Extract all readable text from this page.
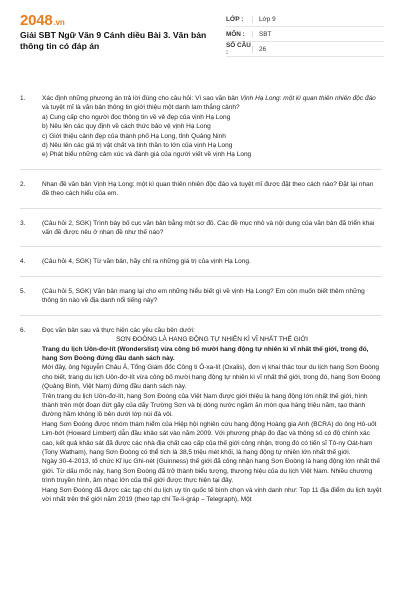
2048.vn
Giải SBT Ngữ Văn 9 Cánh diều Bài 3. Văn bản thông tin có đáp án
LỚP :	Lớp 9
MÔN :	SBT
SỐ CÂU :	26
1.	Xác định những phương án trả lời đúng cho câu hỏi: Vì sao văn bản Vịnh Hạ Long: một kì quan thiên nhiên độc đáo và tuyệt mĩ là văn bản thông tin giới thiệu một danh lam thắng cảnh?
a) Cung cấp cho người đọc thông tin về vẻ đẹp của vịnh Hạ Long
b) Nêu lên các quy định về cách thức bảo vệ vịnh Hạ Long
c) Giới thiệu cảnh đẹp của thành phố Hạ Long, tỉnh Quảng Ninh
d) Nêu lên các giá trị vật chất và tinh thần to lớn của vịnh Hạ Long
e) Phát biểu những cảm xúc và đánh giá của người viết về vịnh Hạ Long
2.	Nhan đề văn bản Vịnh Hạ Long: một kì quan thiên nhiên độc đáo và tuyệt mĩ được đặt theo cách nào? Đặt lại nhan đề theo cách hiểu của em.
3.	(Câu hỏi 2, SGK) Trình bày bố cục văn bản bằng một sơ đồ. Các đề mục nhỏ và nội dung của văn bản đã triển khai vấn đề được nêu ở nhan đề như thế nào?
4.	(Câu hỏi 4, SGK) Từ văn bản, hãy chỉ ra những giá trị của vịnh Hạ Long.
5.	(Câu hỏi 5, SGK) Văn bản mang lại cho em những hiểu biết gì về vịnh Hạ Long? Em còn muốn biết thêm những thông tin nào về địa danh nổi tiếng này?
6.	Đọc văn bản sau và thực hiện các yêu cầu bên dưới:
SƠN ĐOÒNG LÀ HANG ĐỘNG TỰ NHIÊN KÌ VĨ NHẤT THẾ GIỚI
Trang du lịch Uôn-đơ-lít (Wonderslist) vừa công bố mười hang động tự nhiên kì vĩ nhất thế giới, trong đó, hang Sơn Đoòng đứng đầu danh sách này.
Mới đây, ông Nguyễn Châu Á, Tổng Giám đốc Công ti Ô-xa-lít (Oxalis), đơn vị khai thác tour du lịch hang Sơn Đoòng cho biết, trang du lịch Uôn-đơ-lít vừa công bố mười hang động tự nhiên kì vĩ nhất thế giới, trong đó, hang Sơn Đoòng (Quảng Bình, Việt Nam) đứng đầu danh sách này.
Trên trang du lịch Uôn-đơ-lít, hang Sơn Đoòng của Việt Nam được giới thiệu là hang động lớn nhất thế giới, hình thành trên một đoạn đứt gãy của dãy Trường Sơn và bị dòng nước ngầm ăn mòn qua hàng triệu năm, tạo thành đường hầm không lồ bên dưới lớp núi đá vôi.
Hang Sơn Đoòng được nhóm thám hiểm của Hiệp hội nghiên cứu hang động Hoàng gia Anh (BCRA) do ông Hô-uốt Lim-bớt (Howard Limbert) dẫn đầu khảo sát vào năm 2009. Với phương pháp đo đạc và thông số có độ chính xác cao, kết quả khảo sát đã được các nhà địa chất cao cấp của thế giới công nhận, trong đó có tiến sĩ Tô-ny Oát-ham (Tony Watham), hang Sơn Đoòng có thể tích là 38,5 triệu mét khối, là hang động tự nhiên lớn nhất thế giới.
Ngày 30-4-2013, tổ chức Kỉ lục Ghi-nét (Guinness) thế giới đã công nhận hang Sơn Đoòng là hang động lớn nhất thế giới. Từ dấu mốc này, hang Sơn Đoòng đã trở thành biểu tượng, thương hiệu của du lịch Việt Nam. Nhiều chương trình truyền hình, âm nhạc lớn của thế giới được thực hiện tại đây.
Hang Sơn Đoòng đã được các tạp chí du lịch uy tín quốc tế bình chọn và vinh danh như: Top 11 địa điểm du lịch tuyệt vời nhất trên thế giới năm 2019 (theo tạp chí Te-li-gráp – Telegraph), Một
